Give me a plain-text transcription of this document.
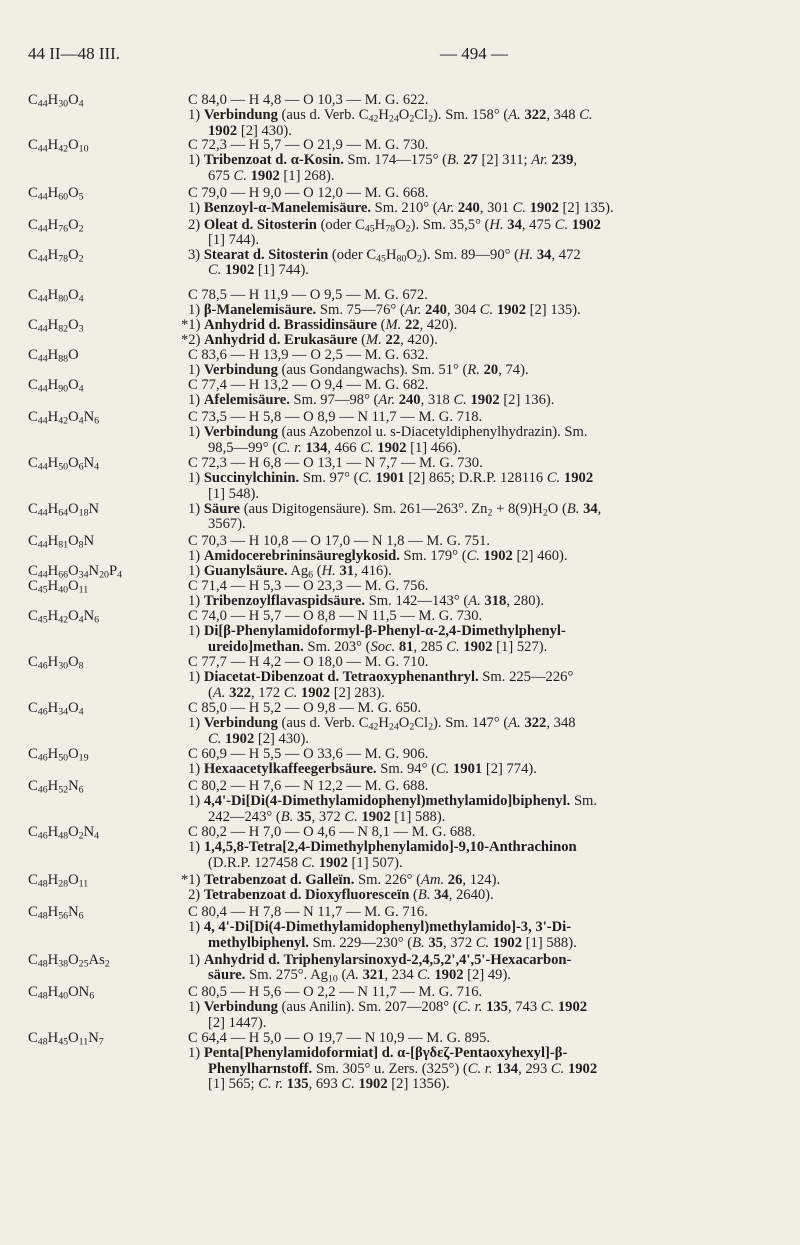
44 II—48 III.	— 494 —
$C_{44}H_{30}O_4$	C 84,0 — H 4,8 — O 10,3 — M. G. 622.
1) Verbindung (aus d. Verb. $C_{42}H_{24}O_2Cl_2$). Sm. 158° (A. 322, 348 C.
1902 [2] 430).
$C_{44}H_{42}O_{10}$	C 72,3 — H 5,7 — O 21,9 — M. G. 730.
1) Tribenzoat d. α-Kosin. Sm. 174—175° (B. 27 [2] 311; Ar. 239,
675 C. 1902 [1] 268).
$C_{44}H_{60}O_5$	C 79,0 — H 9,0 — O 12,0 — M. G. 668.
1) Benzoyl-α-Manelemisäure. Sm. 210° (Ar. 240, 301 C. 1902 [2] 135).
$C_{44}H_{76}O_2$	2) Oleat d. Sitosterin (oder $C_{45}H_{78}O_2$). Sm. 35,5° (H. 34, 475 C. 1902
[1] 744).
$C_{44}H_{78}O_2$	3) Stearat d. Sitosterin (oder $C_{45}H_{80}O_2$). Sm. 89—90° (H. 34, 472
C. 1902 [1] 744).
$C_{44}H_{80}O_4$	C 78,5 — H 11,9 — O 9,5 — M. G. 672.
1) β-Manelemisäure. Sm. 75—76° (Ar. 240, 304 C. 1902 [2] 135).
$C_{44}H_{82}O_3$	*1) Anhydrid d. Brassidinsäure (M. 22, 420).
*2) Anhydrid d. Erukasäure (M. 22, 420).
$C_{44}H_{88}O$	C 83,6 — H 13,9 — O 2,5 — M. G. 632.
1) Verbindung (aus Gondangwachs). Sm. 51° (R. 20, 74).
$C_{44}H_{90}O_4$	C 77,4 — H 13,2 — O 9,4 — M. G. 682.
1) Afelemisäure. Sm. 97—98° (Ar. 240, 318 C. 1902 [2] 136).
$C_{44}H_{42}O_4N_6$	C 73,5 — H 5,8 — O 8,9 — N 11,7 — M. G. 718.
1) Verbindung (aus Azobenzol u. s-Diacetyldiphenylhydrazin). Sm.
98,5—99° (C. r. 134, 466 C. 1902 [1] 466).
$C_{44}H_{50}O_6N_4$	C 72,3 — H 6,8 — O 13,1 — N 7,7 — M. G. 730.
1) Succinylchinin. Sm. 97° (C. 1901 [2] 865; D.R.P. 128116 C. 1902
[1] 548).
$C_{44}H_{64}O_{18}N$	1) Säure (aus Digitogensäure). Sm. 261—263°. $Zn_2 + 8(9)H_2O$ (B. 34,
3567).
$C_{44}H_{81}O_8N$	C 70,3 — H 10,8 — O 17,0 — N 1,8 — M. G. 751.
1) Amidocerebrininsäureglykosid. Sm. 179° (C. 1902 [2] 460).
$C_{44}H_{66}O_{34}N_{20}P_4$	1) Guanylsäure. $Ag_6$ (H. 31, 416).
$C_{45}H_{40}O_{11}$	C 71,4 — H 5,3 — O 23,3 — M. G. 756.
1) Tribenzoylflavaspidsäure. Sm. 142—143° (A. 318, 280).
$C_{45}H_{42}O_4N_6$	C 74,0 — H 5,7 — O 8,8 — N 11,5 — M. G. 730.
1) Di[β-Phenylamidoformyl-β-Phenyl-α-2,4-Dimethylphenyl-
ureido]methan. Sm. 203° (Soc. 81, 285 C. 1902 [1] 527).
$C_{46}H_{30}O_8$	C 77,7 — H 4,2 — O 18,0 — M. G. 710.
1) Diacetat-Dibenzoat d. Tetraoxyphenanthryl. Sm. 225—226°
(A. 322, 172 C. 1902 [2] 283).
$C_{46}H_{34}O_4$	C 85,0 — H 5,2 — O 9,8 — M. G. 650.
1) Verbindung (aus d. Verb. $C_{42}H_{24}O_2Cl_2$). Sm. 147° (A. 322, 348
C. 1902 [2] 430).
$C_{46}H_{50}O_{19}$	C 60,9 — H 5,5 — O 33,6 — M. G. 906.
1) Hexaacetylkaffeegerbsäure. Sm. 94° (C. 1901 [2] 774).
$C_{46}H_{52}N_6$	C 80,2 — H 7,6 — N 12,2 — M. G. 688.
1) 4,4'-Di[Di(4-Dimethylamidophenyl)methylamido]biphenyl. Sm.
242—243° (B. 35, 372 C. 1902 [1] 588).
$C_{46}H_{48}O_2N_4$	C 80,2 — H 7,0 — O 4,6 — N 8,1 — M. G. 688.
1) 1,4,5,8-Tetra[2,4-Dimethylphenylamido]-9,10-Anthrachinon
(D.R.P. 127458 C. 1902 [1] 507).
$C_{48}H_{28}O_{11}$	*1) Tetrabenzoat d. Galleïn. Sm. 226° (Am. 26, 124).
2) Tetrabenzoat d. Dioxyfluoresceïn (B. 34, 2640).
$C_{48}H_{56}N_6$	C 80,4 — H 7,8 — N 11,7 — M. G. 716.
1) 4, 4'-Di[Di(4-Dimethylamidophenyl)methylamido]-3, 3'-Di-
methylbiphenyl. Sm. 229—230° (B. 35, 372 C. 1902 [1] 588).
$C_{48}H_{38}O_{25}As_2$	1) Anhydrid d. Triphenylarsinoxyd-2,4,5,2',4',5'-Hexacarbon-
säure. Sm. 275°. $Ag_{10}$ (A. 321, 234 C. 1902 [2] 49).
$C_{48}H_{40}ON_6$	C 80,5 — H 5,6 — O 2,2 — N 11,7 — M. G. 716.
1) Verbindung (aus Anilin). Sm. 207—208° (C. r. 135, 743 C. 1902
[2] 1447).
$C_{48}H_{45}O_{11}N_7$	C 64,4 — H 5,0 — O 19,7 — N 10,9 — M. G. 895.
1) Penta[Phenylamidoformiat] d. α-[βγδεζ-Pentaoxyhexyl]-β-
Phenylharnstoff. Sm. 305° u. Zers. (325°) (C. r. 134, 293 C. 1902
[1] 565; C. r. 135, 693 C. 1902 [2] 1356).
